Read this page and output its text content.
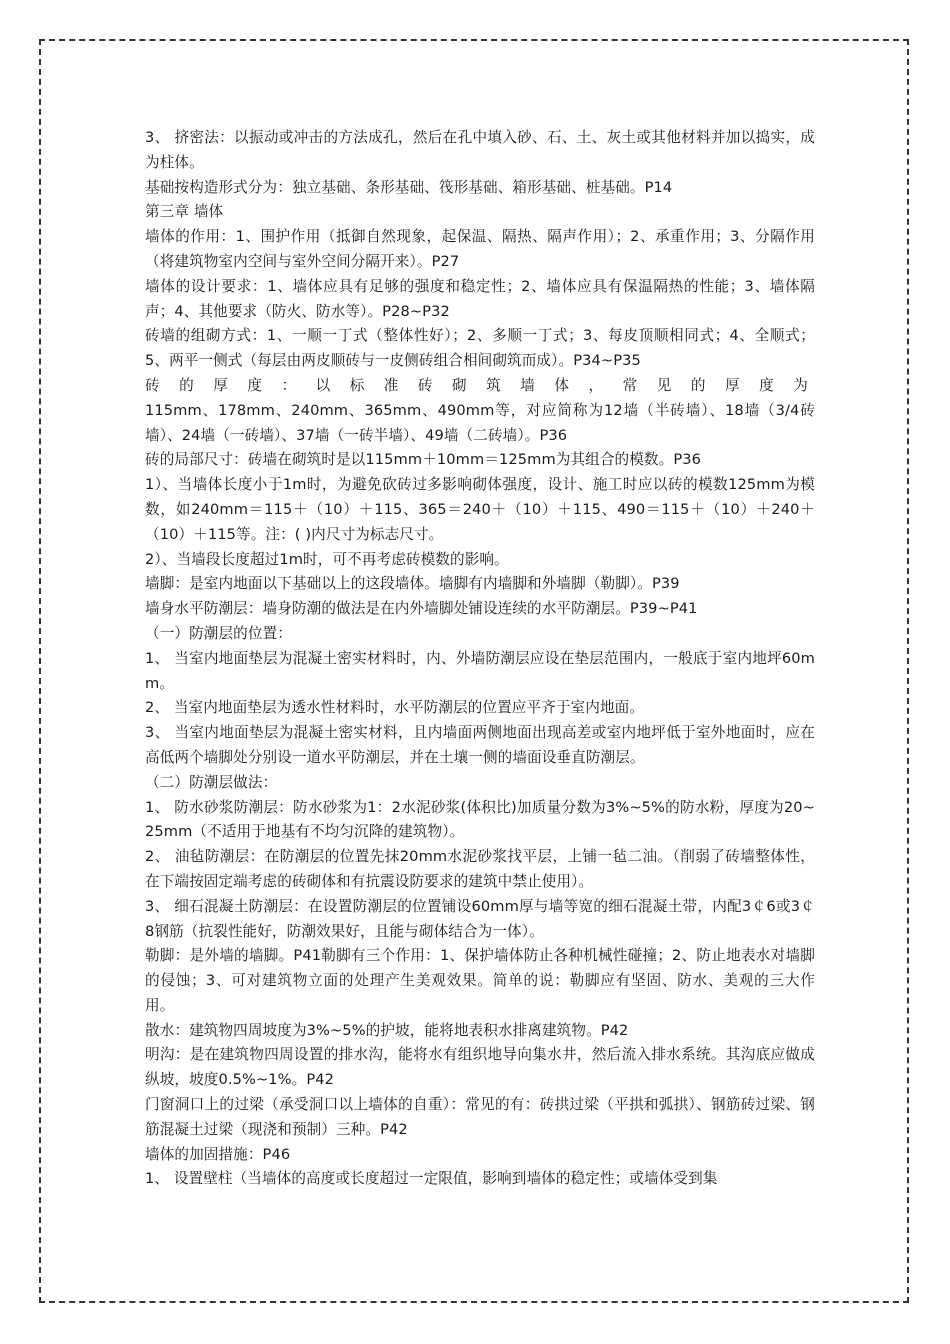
3、 挤密法：以振动或冲击的方法成孔，然后在孔中填入砂、石、土、灰土或其他材料并加以捣实，成为柱体。

基础按构造形式分为：独立基础、条形基础、筏形基础、箱形基础、桩基础。P14

第三章 墙体

墙体的作用：1、围护作用（抵御自然现象，起保温、隔热、隔声作用）；2、承重作用；3、分隔作用（将建筑物室内空间与室外空间分隔开来）。P27

墙体的设计要求：1、墙体应具有足够的强度和稳定性；2、墙体应具有保温隔热的性能；3、墙体隔声；4、其他要求（防火、防水等）。P28~P32

砖墙的组砌方式：1、一顺一丁式（整体性好）；2、多顺一丁式；3、每皮顶顺相同式；4、全顺式；5、两平一侧式（每层由两皮顺砖与一皮侧砖组合相间砌筑而成）。P34~P35

砖的厚度：以标准砖砌筑墙体，常见的厚度为

115mm、178mm、240mm、365mm、490mm等，对应简称为12墙（半砖墙）、18墙（3/4砖墙）、24墙（一砖墙）、37墙（一砖半墙）、49墙（二砖墙）。P36

砖的局部尺寸：砖墙在砌筑时是以115mm＋10mm＝125mm为其组合的模数。P36

1）、当墙体长度小于1m时，为避免砍砖过多影响砌体强度，设计、施工时应以砖的模数125mm为模数，如240mm＝115＋（10）＋115、365＝240＋（10）＋115、490＝115＋（10）＋240＋（10）＋115等。注：( )内尺寸为标志尺寸。

2）、当墙段长度超过1m时，可不再考虑砖模数的影响。

墙脚：是室内地面以下基础以上的这段墙体。墙脚有内墙脚和外墙脚（勒脚）。P39

墙身水平防潮层：墙身防潮的做法是在内外墙脚处铺设连续的水平防潮层。P39~P41

（一）防潮层的位置：

1、 当室内地面垫层为混凝土密实材料时，内、外墙防潮层应设在垫层范围内，一般底于室内地坪60mm。

2、 当室内地面垫层为透水性材料时，水平防潮层的位置应平齐于室内地面。

3、 当室内地面垫层为混凝土密实材料，且内墙面两侧地面出现高差或室内地坪低于室外地面时，应在高低两个墙脚处分别设一道水平防潮层，并在土壤一侧的墙面设垂直防潮层。

（二）防潮层做法：

1、 防水砂浆防潮层：防水砂浆为1：2水泥砂浆(体积比)加质量分数为3%~5%的防水粉，厚度为20~25mm（不适用于地基有不均匀沉降的建筑物）。

2、 油毡防潮层：在防潮层的位置先抹20mm水泥砂浆找平层，上铺一毡二油。（削弱了砖墙整体性，在下端按固定端考虑的砖砌体和有抗震设防要求的建筑中禁止使用）。

3、 细石混凝土防潮层：在设置防潮层的位置铺设60mm厚与墙等宽的细石混凝土带，内配3￠6或3￠8钢筋（抗裂性能好，防潮效果好，且能与砌体结合为一体）。

勒脚：是外墙的墙脚。P41勒脚有三个作用：1、保护墙体防止各种机械性碰撞；2、防止地表水对墙脚的侵蚀；3、可对建筑物立面的处理产生美观效果。简单的说：勒脚应有坚固、防水、美观的三大作用。

散水：建筑物四周坡度为3%~5%的护坡，能将地表积水排离建筑物。P42

明沟：是在建筑物四周设置的排水沟，能将水有组织地导向集水井，然后流入排水系统。其沟底应做成纵坡，坡度0.5%~1%。P42

门窗洞口上的过梁（承受洞口以上墙体的自重）：常见的有：砖拱过梁（平拱和弧拱）、钢筋砖过梁、钢筋混凝土过梁（现浇和预制）三种。P42

墙体的加固措施：P46

1、 设置壁柱（当墙体的高度或长度超过一定限值，影响到墙体的稳定性；或墙体受到集
